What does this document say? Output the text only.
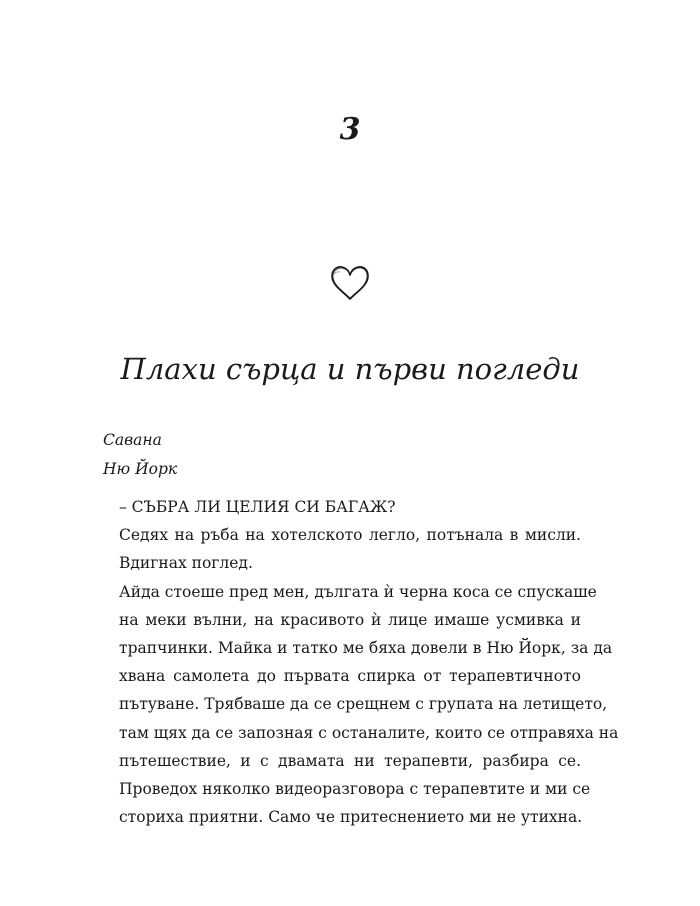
3
Плахи сърца и първи погледи
Савана
Ню Йорк

– СЪБРА ЛИ ЦЕЛИЯ СИ БАГАЖ?

Седях на ръба на хотелското легло, потънала в мисли.
Вдигнах поглед.

Айда стоеше пред мен, дългата ѝ черна коса се спускаше
на меки вълни, на красивото ѝ лице имаше усмивка и
трапчинки. Майка и татко ме бяха довели в Ню Йорк, за да
хвана самолета до първата спирка от терапевтичното
пътуване. Трябваше да се срещнем с групата на летището,
там щях да се запозная с останалите, които се отправяха на
пътешествие, и с двамата ни терапевти, разбира се.
Проведох няколко видеоразговора с терапевтите и ми се
сториха приятни. Само че притеснението ми не утихна.
